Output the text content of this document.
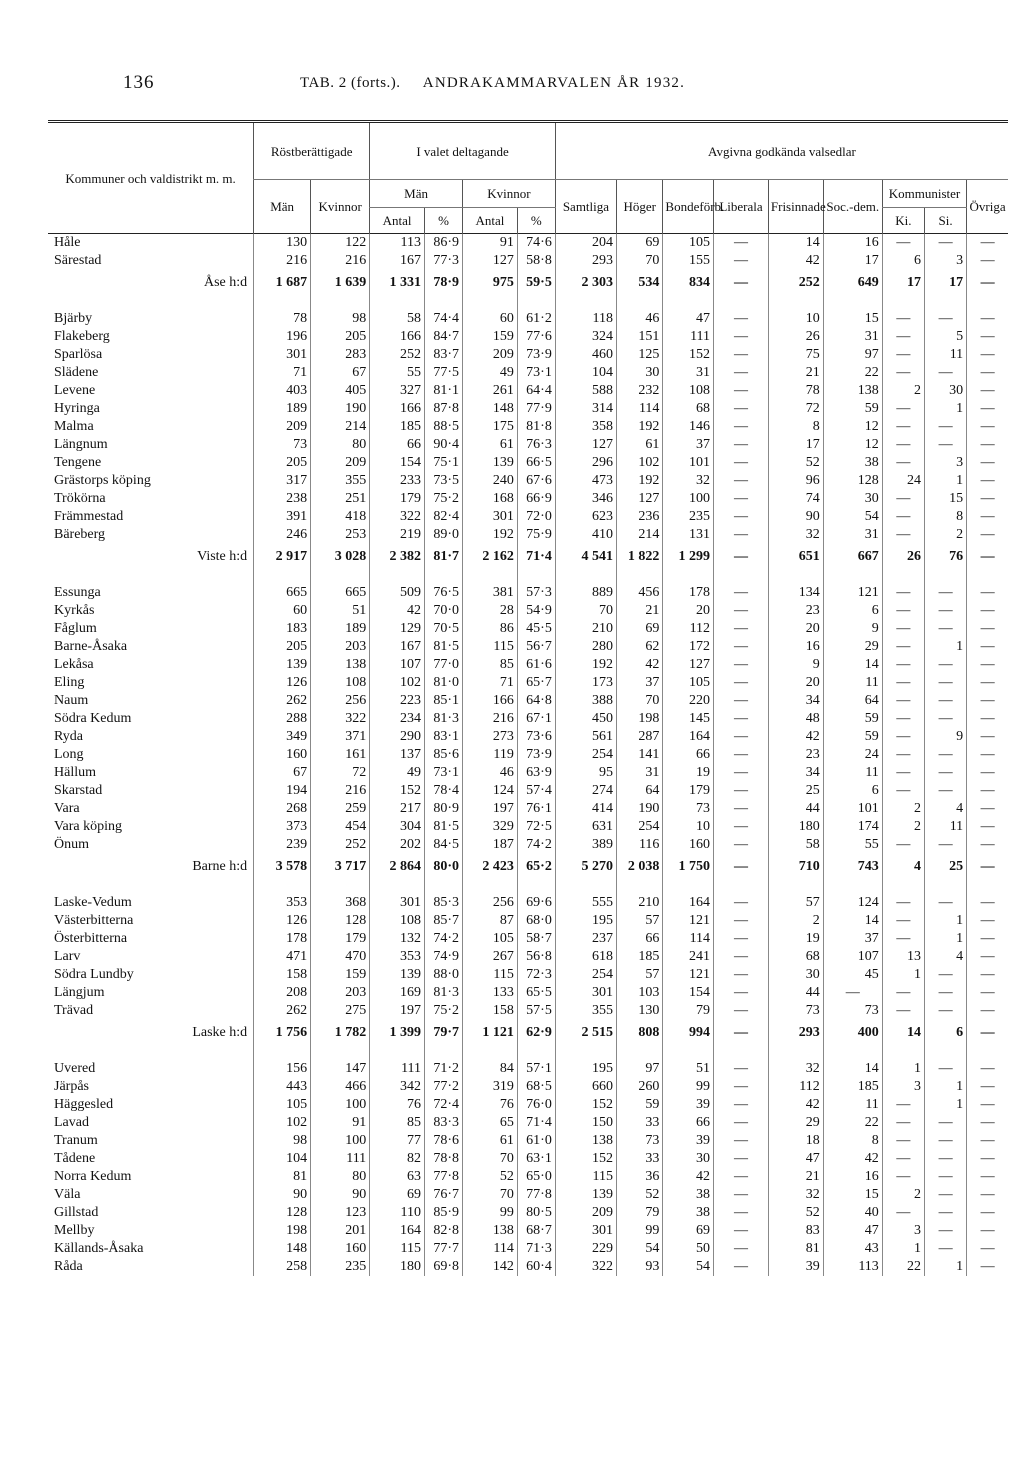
136	TAB. 2 (forts.). ANDRAKAMMARVALEN ÅR 1932.
Kommuner och valdistrikt m. m.	Röstberättigade		I valet deltagande				Avgivna godkända valsedlar								
	Män	Kvinnor	Män		Kvinnor		Samtliga	Höger	Bondeförb.	Liberala	Frisinnade	Soc.-dem.	Kommunister		Övriga
			Antal	%	Antal	%							Ki.	Si.	
Håle	130	122	113	86·9	91	74·6	204	69	105	—	14	16	—	—	—
Särestad	216	216	167	77·3	127	58·8	293	70	155	—	42	17	6	3	—
Åse h:d	1 687	1 639	1 331	78·9	975	59·5	2 303	534	834	—	252	649	17	17	—

Bjärby	78	98	58	74·4	60	61·2	118	46	47	—	10	15	—	—	—
Flakeberg	196	205	166	84·7	159	77·6	324	151	111	—	26	31	—	5	—
Sparlösa	301	283	252	83·7	209	73·9	460	125	152	—	75	97	—	11	—
Slädene	71	67	55	77·5	49	73·1	104	30	31	—	21	22	—	—	—
Levene	403	405	327	81·1	261	64·4	588	232	108	—	78	138	2	30	—
Hyringa	189	190	166	87·8	148	77·9	314	114	68	—	72	59	—	1	—
Malma	209	214	185	88·5	175	81·8	358	192	146	—	8	12	—	—	—
Längnum	73	80	66	90·4	61	76·3	127	61	37	—	17	12	—	—	—
Tengene	205	209	154	75·1	139	66·5	296	102	101	—	52	38	—	3	—
Grästorps köping	317	355	233	73·5	240	67·6	473	192	32	—	96	128	24	1	—
Trökörna	238	251	179	75·2	168	66·9	346	127	100	—	74	30	—	15	—
Främmestad	391	418	322	82·4	301	72·0	623	236	235	—	90	54	—	8	—
Bäreberg	246	253	219	89·0	192	75·9	410	214	131	—	32	31	—	2	—
Viste h:d	2 917	3 028	2 382	81·7	2 162	71·4	4 541	1 822	1 299	—	651	667	26	76	—

Essunga	665	665	509	76·5	381	57·3	889	456	178	—	134	121	—	—	—
Kyrkås	60	51	42	70·0	28	54·9	70	21	20	—	23	6	—	—	—
Fåglum	183	189	129	70·5	86	45·5	210	69	112	—	20	9	—	—	—
Barne-Åsaka	205	203	167	81·5	115	56·7	280	62	172	—	16	29	—	1	—
Lekåsa	139	138	107	77·0	85	61·6	192	42	127	—	9	14	—	—	—
Eling	126	108	102	81·0	71	65·7	173	37	105	—	20	11	—	—	—
Naum	262	256	223	85·1	166	64·8	388	70	220	—	34	64	—	—	—
Södra Kedum	288	322	234	81·3	216	67·1	450	198	145	—	48	59	—	—	—
Ryda	349	371	290	83·1	273	73·6	561	287	164	—	42	59	—	9	—
Long	160	161	137	85·6	119	73·9	254	141	66	—	23	24	—	—	—
Hällum	67	72	49	73·1	46	63·9	95	31	19	—	34	11	—	—	—
Skarstad	194	216	152	78·4	124	57·4	274	64	179	—	25	6	—	—	—
Vara	268	259	217	80·9	197	76·1	414	190	73	—	44	101	2	4	—
Vara köping	373	454	304	81·5	329	72·5	631	254	10	—	180	174	2	11	—
Önum	239	252	202	84·5	187	74·2	389	116	160	—	58	55	—	—	—
Barne h:d	3 578	3 717	2 864	80·0	2 423	65·2	5 270	2 038	1 750	—	710	743	4	25	—

Laske-Vedum	353	368	301	85·3	256	69·6	555	210	164	—	57	124	—	—	—
Västerbitterna	126	128	108	85·7	87	68·0	195	57	121	—	2	14	—	1	—
Österbitterna	178	179	132	74·2	105	58·7	237	66	114	—	19	37	—	1	—
Larv	471	470	353	74·9	267	56·8	618	185	241	—	68	107	13	4	—
Södra Lundby	158	159	139	88·0	115	72·3	254	57	121	—	30	45	1	—	—
Längjum	208	203	169	81·3	133	65·5	301	103	154	—	44	—	—	—	—
Trävad	262	275	197	75·2	158	57·5	355	130	79	—	73	73	—	—	—
Laske h:d	1 756	1 782	1 399	79·7	1 121	62·9	2 515	808	994	—	293	400	14	6	—

Uvered	156	147	111	71·2	84	57·1	195	97	51	—	32	14	1	—	—
Järpås	443	466	342	77·2	319	68·5	660	260	99	—	112	185	3	1	—
Häggesled	105	100	76	72·4	76	76·0	152	59	39	—	42	11	—	1	—
Lavad	102	91	85	83·3	65	71·4	150	33	66	—	29	22	—	—	—
Tranum	98	100	77	78·6	61	61·0	138	73	39	—	18	8	—	—	—
Tådene	104	111	82	78·8	70	63·1	152	33	30	—	47	42	—	—	—
Norra Kedum	81	80	63	77·8	52	65·0	115	36	42	—	21	16	—	—	—
Väla	90	90	69	76·7	70	77·8	139	52	38	—	32	15	2	—	—
Gillstad	128	123	110	85·9	99	80·5	209	79	38	—	52	40	—	—	—
Mellby	198	201	164	82·8	138	68·7	301	99	69	—	83	47	3	—	—
Källands-Åsaka	148	160	115	77·7	114	71·3	229	54	50	—	81	43	1	—	—
Råda	258	235	180	69·8	142	60·4	322	93	54	—	39	113	22	1	—
